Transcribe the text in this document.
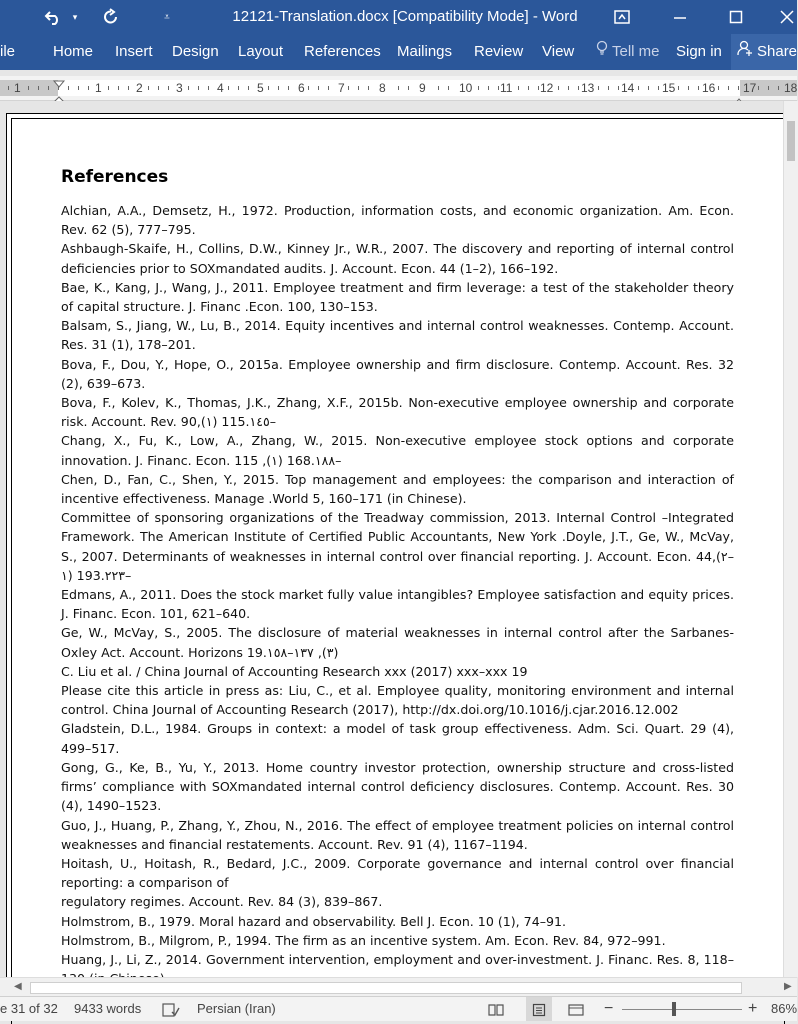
▾	⩡	12121-Translation.docx [Compatibility Mode] - Word
ile	Home Insert Design Layout References Mailings Review View	Tell me Sign in	Share
1	1	2	3	4	5	6	7	8	9	10 11 12 13 14 15 16 17 18
References

Alchian, A.A., Demsetz, H., 1972. Production, information costs, and economic organization. Am. Econ. Rev. 62 (5), 777–795.

Ashbaugh-Skaife, H., Collins, D.W., Kinney Jr., W.R., 2007. The discovery and reporting of internal control deficiencies prior to SOXmandated audits. J. Account. Econ. 44 (1–2), 166–192.

Bae, K., Kang, J., Wang, J., 2011. Employee treatment and firm leverage: a test of the stakeholder theory of capital structure. J. Financ .Econ. 100, 130–153.

Balsam, S., Jiang, W., Lu, B., 2014. Equity incentives and internal control weaknesses. Contemp. Account. Res. 31 (1), 178–201.

Bova, F., Dou, Y., Hope, O., 2015a. Employee ownership and firm disclosure. Contemp. Account. Res. 32 (2), 639–673.

Bova, F., Kolev, K., Thomas, J.K., Zhang, X.F., 2015b. Non-executive employee ownership and corporate risk. Account. Rev. 90,(۱) 115.۱٤٥–

Chang, X., Fu, K., Low, A., Zhang, W., 2015. Non-executive employee stock options and corporate innovation. J. Financ. Econ. 115 ,(۱) 168.۱۸۸–

Chen, D., Fan, C., Shen, Y., 2015. Top management and employees: the comparison and interaction of incentive effectiveness. Manage .World 5, 160–171 (in Chinese).

Committee of sponsoring organizations of the Treadway commission, 2013. Internal Control –Integrated Framework. The American Institute of Certified Public Accountants, New York .Doyle, J.T., Ge, W., McVay, S., 2007. Determinants of weaknesses in internal control over financial reporting. J. Account. Econ. 44,(۲–۱) 193.۲۲۳–

Edmans, A., 2011. Does the stock market fully value intangibles? Employee satisfaction and equity prices. J. Financ. Econ. 101, 621–640.

Ge, W., McVay, S., 2005. The disclosure of material weaknesses in internal control after the Sarbanes-Oxley Act. Account. Horizons 19.۱٥۸–۱۳۷ ,(۳)

C. Liu et al. / China Journal of Accounting Research xxx (2017) xxx–xxx 19

Please cite this article in press as: Liu, C., et al. Employee quality, monitoring environment and internal control. China Journal of Accounting Research (2017), http://dx.doi.org/10.1016/j.cjar.2016.12.002

Gladstein, D.L., 1984. Groups in context: a model of task group effectiveness. Adm. Sci. Quart. 29 (4), 499–517.

Gong, G., Ke, B., Yu, Y., 2013. Home country investor protection, ownership structure and cross-listed firms’ compliance with SOXmandated internal control deficiency disclosures. Contemp. Account. Res. 30 (4), 1490–1523.

Guo, J., Huang, P., Zhang, Y., Zhou, N., 2016. The effect of employee treatment policies on internal control weaknesses and financial restatements. Account. Rev. 91 (4), 1167–1194.

Hoitash, U., Hoitash, R., Bedard, J.C., 2009. Corporate governance and internal control over financial reporting: a comparison of

regulatory regimes. Account. Rev. 84 (3), 839–867.

Holmstrom, B., 1979. Moral hazard and observability. Bell J. Econ. 10 (1), 74–91.

Holmstrom, B., Milgrom, P., 1994. The firm as an incentive system. Am. Econ. Rev. 84, 972–991.

Huang, J., Li, Z., 2014. Government intervention, employment and over-investment. J. Financ. Res. 8, 118–

◀	▶
e 31 of 32 9433 words	Persian (Iran)	−	+ 86%
